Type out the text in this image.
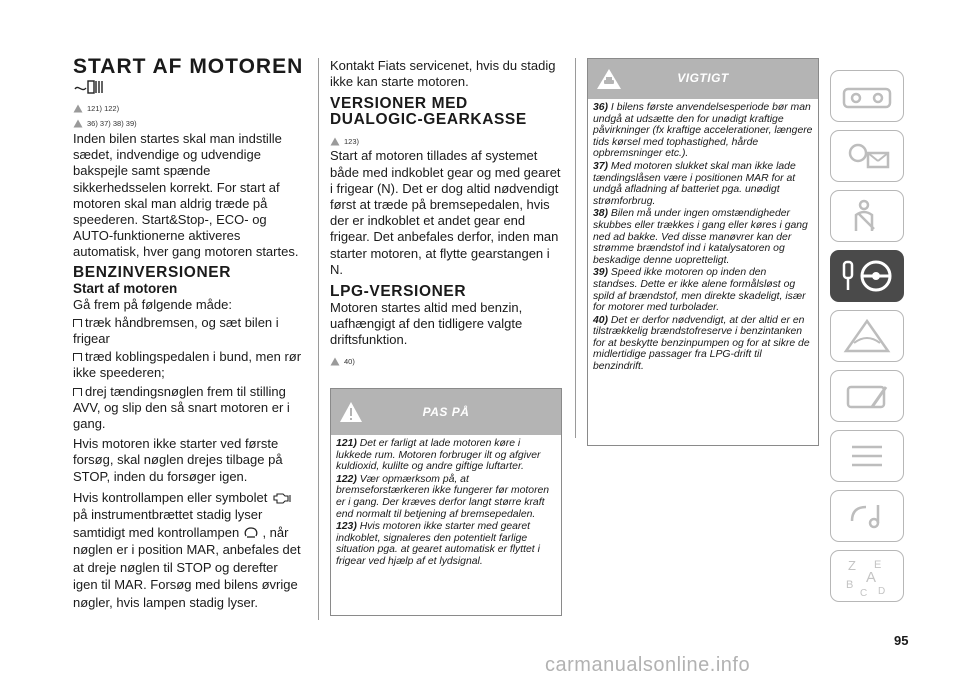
START AF MOTOREN
121) 122)
36) 37) 38) 39)

Inden bilen startes skal man indstille sædet, indvendige og udvendige bakspejle samt spænde sikkerhedsselen korrekt. For start af motoren skal man aldrig træde på speederen. Start&Stop-, ECO- og AUTO-funktionerne aktiveres automatisk, hver gang motoren startes.

BENZINVERSIONER
Start af motoren

Gå frem på følgende måde:

træk håndbremsen, og sæt bilen i frigear

træd koblingspedalen i bund, men rør ikke speederen;

drej tændingsnøglen frem til stilling AVV, og slip den så snart motoren er i gang.

Hvis motoren ikke starter ved første forsøg, skal nøglen drejes tilbage på STOP, inden du forsøger igen.

Hvis kontrollampen eller symbolet  på instrumentbrættet stadig lyser samtidigt med kontrollampen , når nøglen er i position MAR, anbefales det at dreje nøglen til STOP og derefter igen til MAR. Forsøg med bilens øvrige nøgler, hvis lampen stadig lyser.

Kontakt Fiats servicenet, hvis du stadig ikke kan starte motoren.

VERSIONER MED DUALOGIC-GEARKASSE
123)

Start af motoren tillades af systemet både med indkoblet gear og med gearet i frigear (N). Det er dog altid nødvendigt først at træde på bremsepedalen, hvis der er indkoblet et andet gear end frigear. Det anbefales derfor, inden man starter motoren, at flytte gearstangen i N.

LPG-VERSIONER

Motoren startes altid med benzin, uafhængigt af den tidligere valgte driftsfunktion.

40)
PAS PÅ

121) Det er farligt at lade motoren køre i lukkede rum. Motoren forbruger ilt og afgiver kuldioxid, kulilte og andre giftige luftarter.

122) Vær opmærksom på, at bremseforstærkeren ikke fungerer før motoren er i gang. Der kræves derfor langt større kraft end normalt til betjening af bremsepedalen.

123) Hvis motoren ikke starter med gearet indkoblet, signaleres den potentielt farlige situation pga. at gearet automatisk er flyttet i frigear ved hjælp af et lydsignal.

VIGTIGT

36) I bilens første anvendelsesperiode bør man undgå at udsætte den for unødigt kraftige påvirkninger (fx kraftige accelerationer, længere tids kørsel med tophastighed, hårde opbremsninger etc.).

37) Med motoren slukket skal man ikke lade tændingslåsen være i positionen MAR for at undgå afladning af batteriet pga. unødigt strømforbrug.

38) Bilen må under ingen omstændigheder skubbes eller trækkes i gang eller køres i gang ned ad bakke. Ved disse manøvrer kan der strømme brændstof ind i katalysatoren og beskadige denne uopretteligt.

39) Speed ikke motoren op inden den standses. Dette er ikke alene formålsløst og spild af brændstof, men direkte skadeligt, især for motorer med turbolader.

40) Det er derfor nødvendigt, at der altid er en tilstrækkelig brændstofreserve i benzintanken for at beskytte benzinpumpen og for at sikre de midlertidige passager fra LPG-drift til benzindrift.

Z E
A
B
C D
95
carmanualsonline.info
